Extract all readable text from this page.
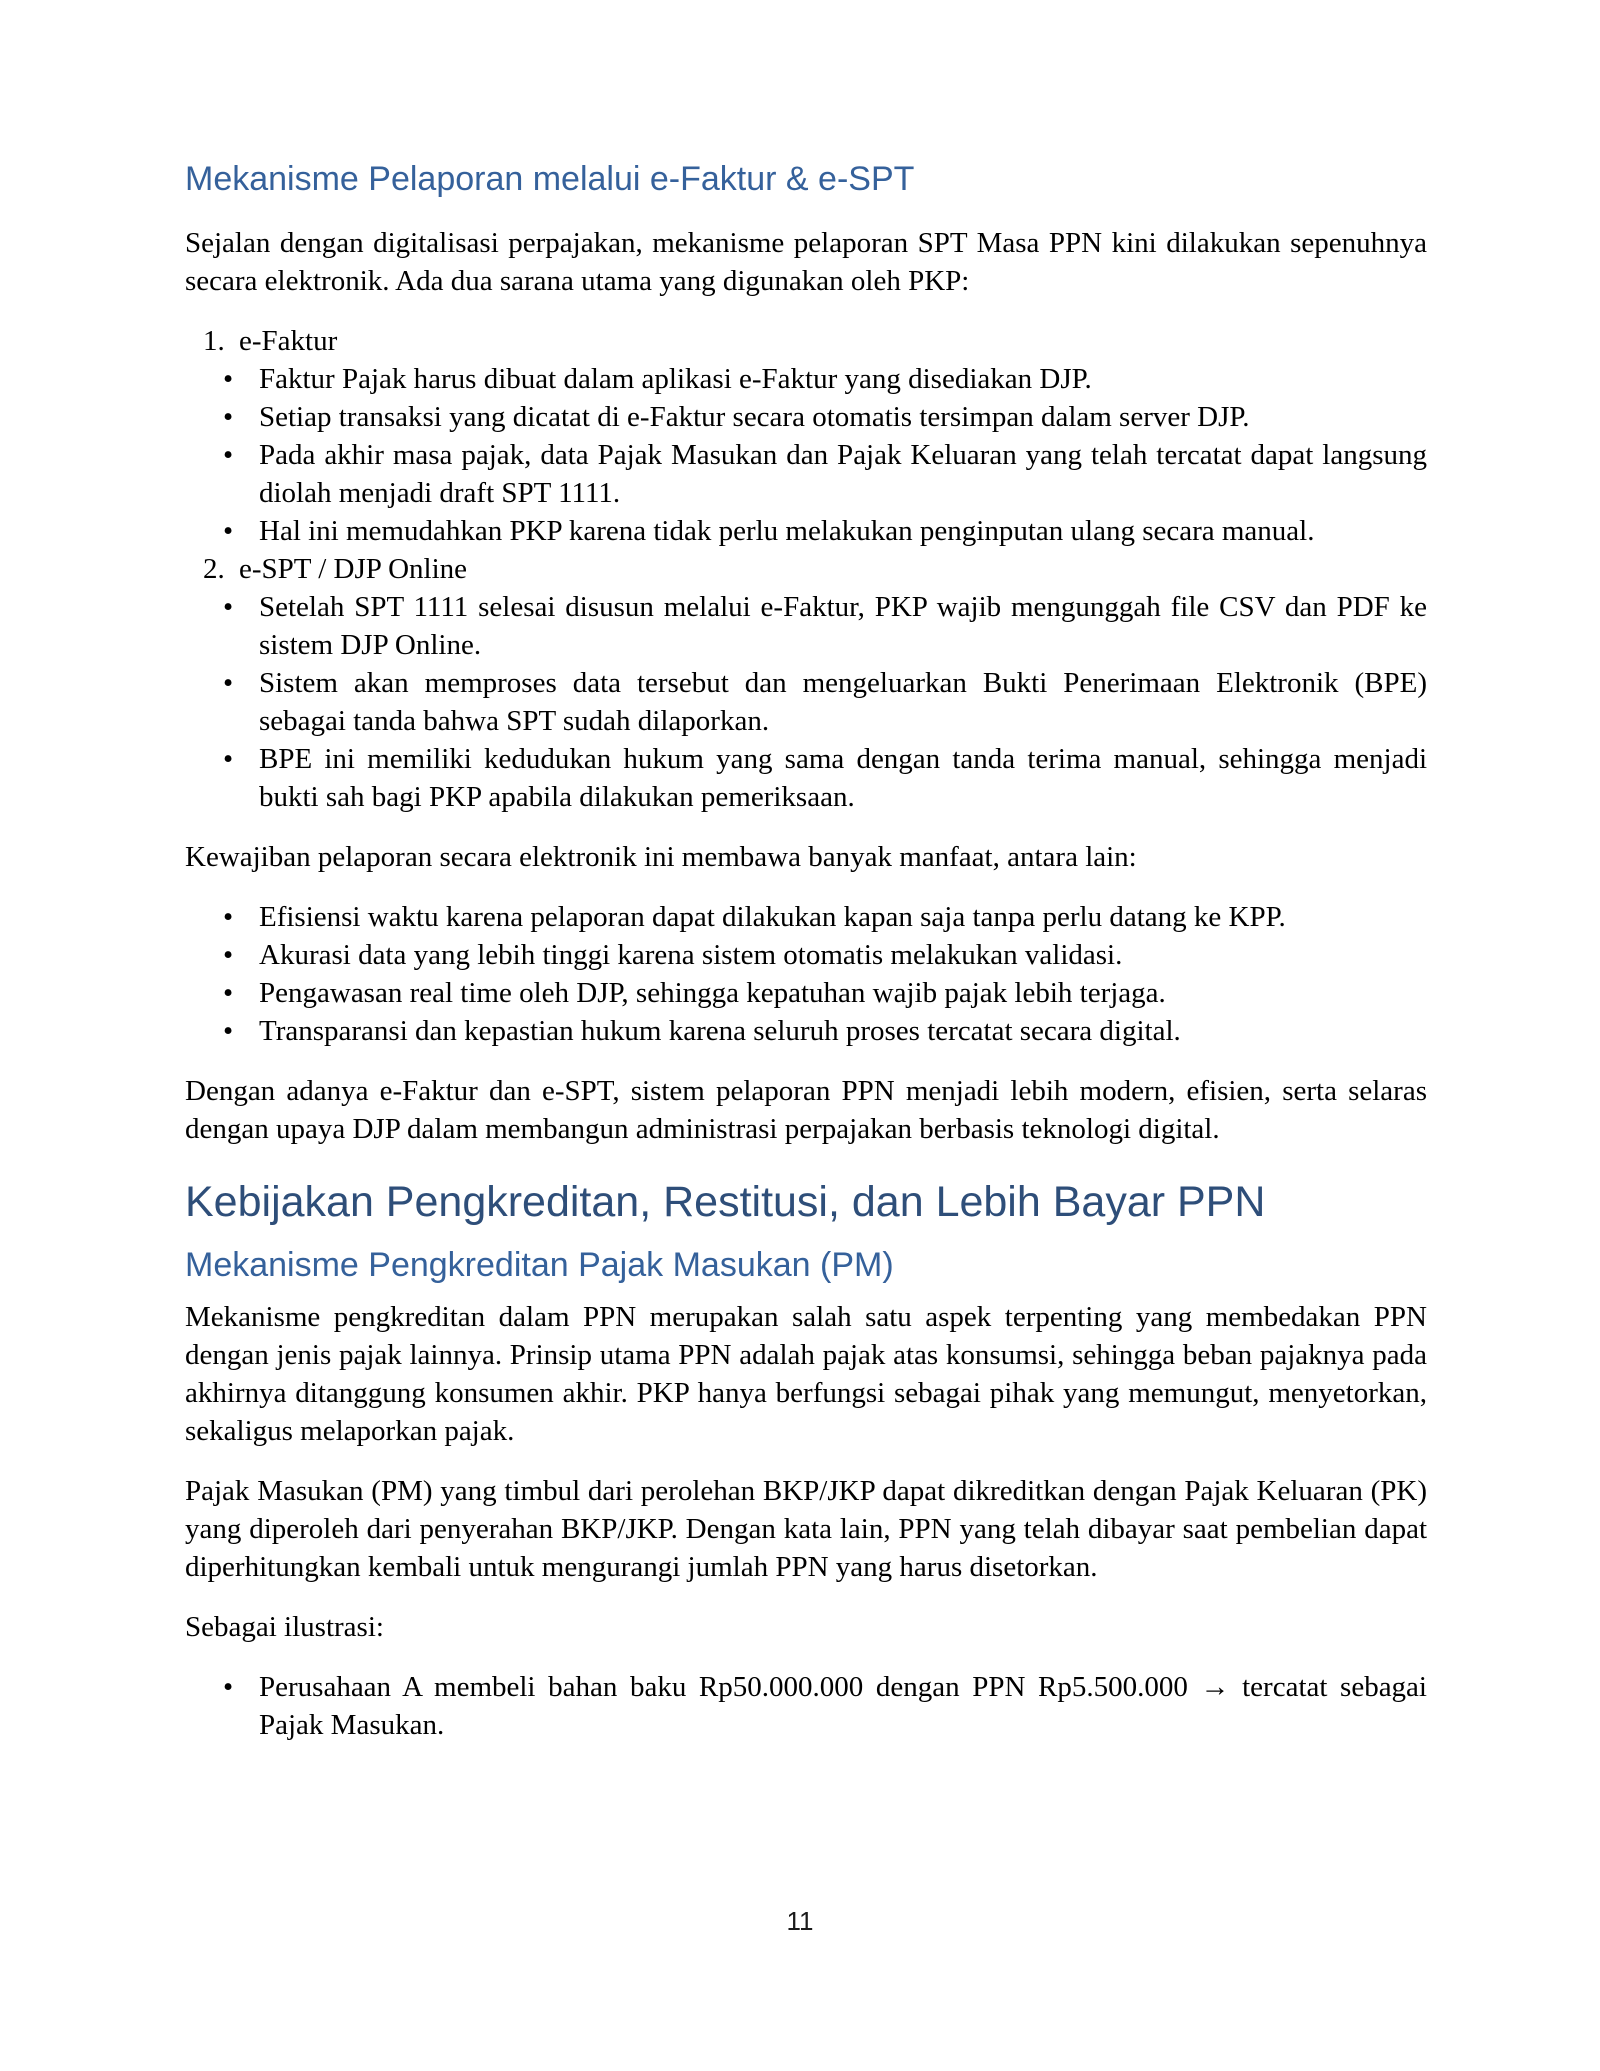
Mekanisme Pelaporan melalui e-Faktur & e-SPT

Sejalan dengan digitalisasi perpajakan, mekanisme pelaporan SPT Masa PPN kini dilakukan sepenuhnya secara elektronik. Ada dua sarana utama yang digunakan oleh PKP:

1. e-Faktur
• Faktur Pajak harus dibuat dalam aplikasi e-Faktur yang disediakan DJP.
• Setiap transaksi yang dicatat di e-Faktur secara otomatis tersimpan dalam server DJP.
• Pada akhir masa pajak, data Pajak Masukan dan Pajak Keluaran yang telah tercatat dapat langsung diolah menjadi draft SPT 1111.
• Hal ini memudahkan PKP karena tidak perlu melakukan penginputan ulang secara manual.
2. e-SPT / DJP Online
• Setelah SPT 1111 selesai disusun melalui e-Faktur, PKP wajib mengunggah file CSV dan PDF ke sistem DJP Online.
• Sistem akan memproses data tersebut dan mengeluarkan Bukti Penerimaan Elektronik (BPE) sebagai tanda bahwa SPT sudah dilaporkan.
• BPE ini memiliki kedudukan hukum yang sama dengan tanda terima manual, sehingga menjadi bukti sah bagi PKP apabila dilakukan pemeriksaan.

Kewajiban pelaporan secara elektronik ini membawa banyak manfaat, antara lain:

• Efisiensi waktu karena pelaporan dapat dilakukan kapan saja tanpa perlu datang ke KPP.
• Akurasi data yang lebih tinggi karena sistem otomatis melakukan validasi.
• Pengawasan real time oleh DJP, sehingga kepatuhan wajib pajak lebih terjaga.
• Transparansi dan kepastian hukum karena seluruh proses tercatat secara digital.

Dengan adanya e-Faktur dan e-SPT, sistem pelaporan PPN menjadi lebih modern, efisien, serta selaras dengan upaya DJP dalam membangun administrasi perpajakan berbasis teknologi digital.

Kebijakan Pengkreditan, Restitusi, dan Lebih Bayar PPN
Mekanisme Pengkreditan Pajak Masukan (PM)

Mekanisme pengkreditan dalam PPN merupakan salah satu aspek terpenting yang membedakan PPN dengan jenis pajak lainnya. Prinsip utama PPN adalah pajak atas konsumsi, sehingga beban pajaknya pada akhirnya ditanggung konsumen akhir. PKP hanya berfungsi sebagai pihak yang memungut, menyetorkan, sekaligus melaporkan pajak.

Pajak Masukan (PM) yang timbul dari perolehan BKP/JKP dapat dikreditkan dengan Pajak Keluaran (PK) yang diperoleh dari penyerahan BKP/JKP. Dengan kata lain, PPN yang telah dibayar saat pembelian dapat diperhitungkan kembali untuk mengurangi jumlah PPN yang harus disetorkan.

Sebagai ilustrasi:

• Perusahaan A membeli bahan baku Rp50.000.000 dengan PPN Rp5.500.000 → tercatat sebagai Pajak Masukan.
11
